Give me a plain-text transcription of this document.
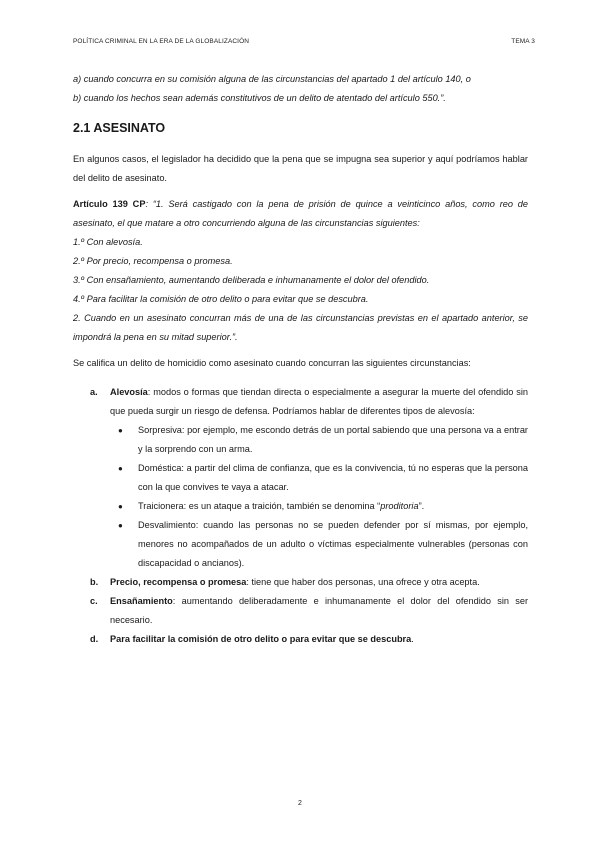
POLÍTICA CRIMINAL EN LA ERA DE LA GLOBALIZACIÓN	TEMA 3

a) cuando concurra en su comisión alguna de las circunstancias del apartado 1 del artículo 140, o

b) cuando los hechos sean además constitutivos de un delito de atentado del artículo 550.”.

2.1 ASESINATO

En algunos casos, el legislador ha decidido que la pena que se impugna sea superior y aquí podríamos hablar del delito de asesinato.

Artículo 139 CP: “1. Será castigado con la pena de prisión de quince a veinticinco años, como reo de asesinato, el que matare a otro concurriendo alguna de las circunstancias siguientes:

1.º Con alevosía.

2.º Por precio, recompensa o promesa.

3.º Con ensañamiento, aumentando deliberada e inhumanamente el dolor del ofendido.

4.º Para facilitar la comisión de otro delito o para evitar que se descubra.

2. Cuando en un asesinato concurran más de una de las circunstancias previstas en el apartado anterior, se impondrá la pena en su mitad superior.”.

Se califica un delito de homicidio como asesinato cuando concurran las siguientes circunstancias:

a. Alevosía: modos o formas que tiendan directa o especialmente a asegurar la muerte del ofendido sin que pueda surgir un riesgo de defensa. Podríamos hablar de diferentes tipos de alevosía:
● Sorpresiva: por ejemplo, me escondo detrás de un portal sabiendo que una persona va a entrar y la sorprendo con un arma.
● Doméstica: a partir del clima de confianza, que es la convivencia, tú no esperas que la persona con la que convives te vaya a atacar.
● Traicionera: es un ataque a traición, también se denomina “proditoria”.
● Desvalimiento: cuando las personas no se pueden defender por sí mismas, por ejemplo, menores no acompañados de un adulto o víctimas especialmente vulnerables (personas con discapacidad o ancianos).
b. Precio, recompensa o promesa: tiene que haber dos personas, una ofrece y otra acepta.
c. Ensañamiento: aumentando deliberadamente e inhumanamente el dolor del ofendido sin ser necesario.
d. Para facilitar la comisión de otro delito o para evitar que se descubra.
2
